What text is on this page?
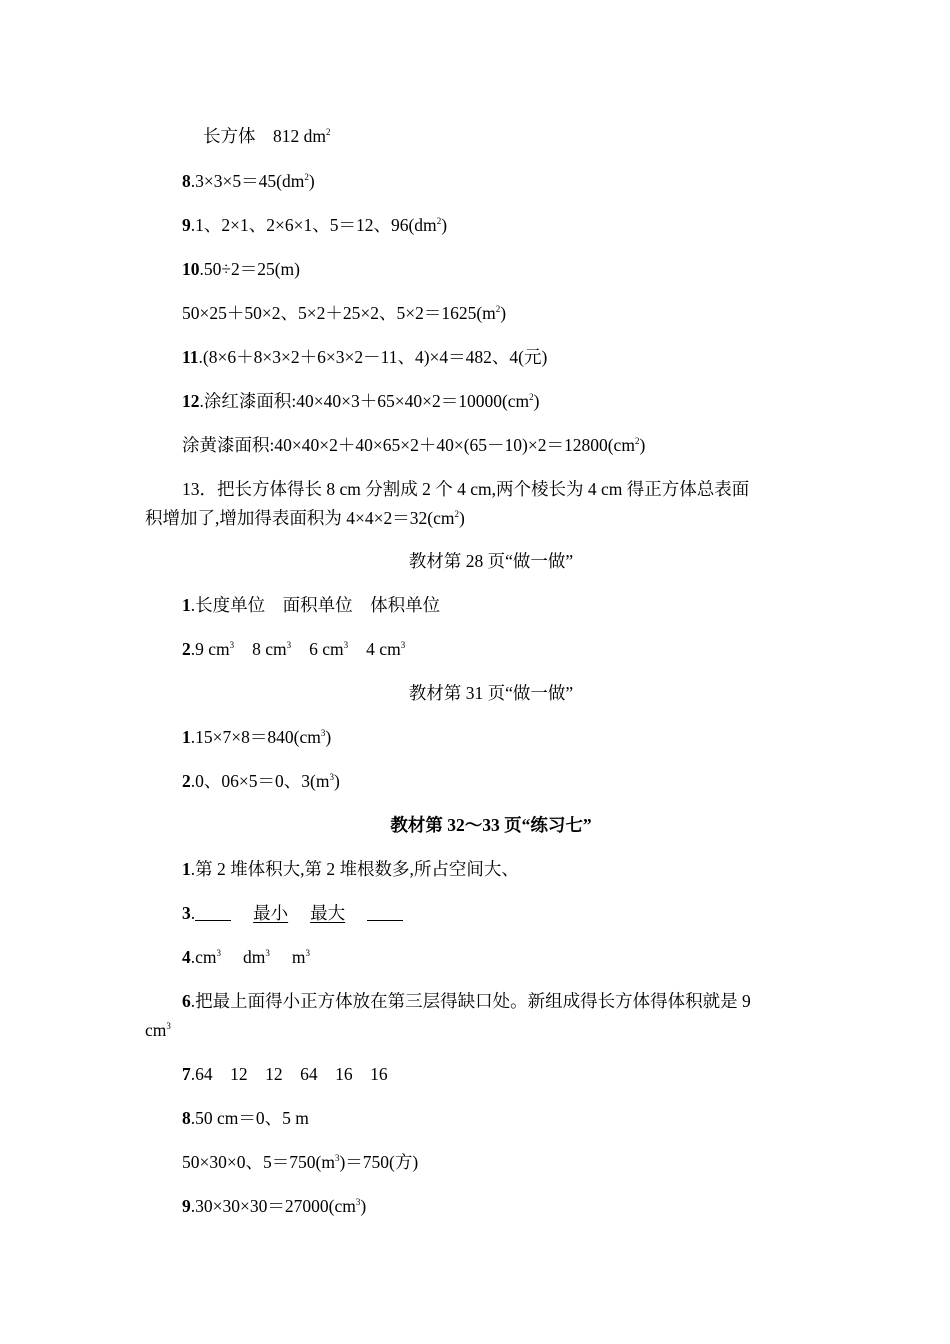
长方体　812 $dm^2$
$8.3\times 3\times 5=45(dm^2)$
9.1、2×1、2×6×1、5＝12、$96(dm^2)$
10.50÷2＝25(m)
50×25＋50×2、5×2＋25×2、$5\times 2=1625(m^2)$
11.(8×6＋8×3×2＋6×3×2－11、4)×4＝482、4(元)
12.涂红漆面积$:40\times 40\times 3+65\times 40\times 2=10000(cm^2)$
涂黄漆面积$:40\times 40\times 2+40\times 65\times 2+40\times(65-10)\times 2=12800(cm^2)$
13．把长方体得长 8 cm 分割成 2 个 4 cm,两个棱长为 4 cm 得正方体总表面
积增加了,增加得表面积为 $4\times 4\times 2=32(cm^2)$
教材第 28 页“做一做”
1.长度单位　面积单位　体积单位
2.9 $cm^3$ 8 $cm^3$ 6 $cm^3$ 4 $cm^3$
教材第 31 页“做一做”
$1.15\times 7\times 8=840(cm^3)$
2.0、06×5＝0、$3(m^3)$
教材第 32～33 页“练习七”
1.第 2 堆体积大,第 2 堆根数多,所占空间大、
3.	最小 最大
$4.cm^3$ $dm^3$ $m^3$
6.把最上面得小正方体放在第三层得缺口处。新组成得长方体得体积就是 9
$cm^3$
7.64　12　12　64　16　16
8.50 cm＝0、5 m
50×30×0、$5=750(m^3)=750$(方)
$9.30\times 30\times 30=27000(cm^3)$
